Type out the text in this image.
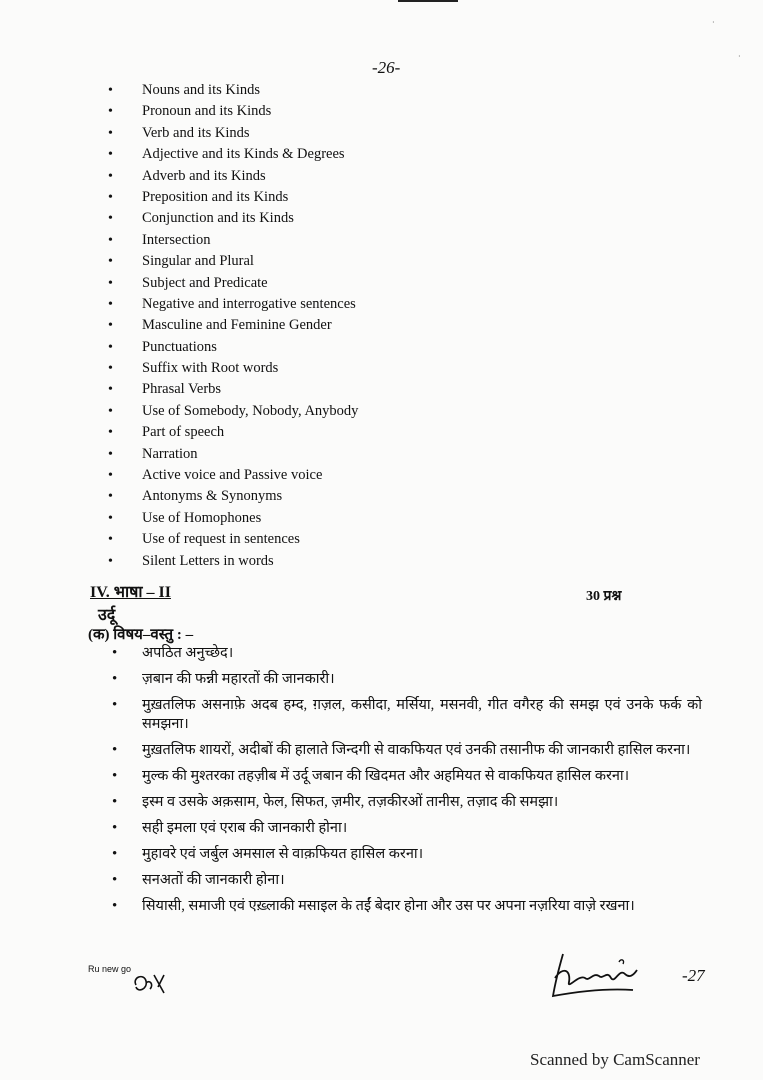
·
·
-26-
• Nouns and its Kinds
• Pronoun and its Kinds
• Verb and its Kinds
• Adjective and its Kinds & Degrees
• Adverb and its Kinds
• Preposition and its Kinds
• Conjunction and its Kinds
• Intersection
• Singular and Plural
• Subject and Predicate
• Negative and interrogative sentences
• Masculine and Feminine Gender
• Punctuations
• Suffix with Root words
• Phrasal Verbs
• Use of Somebody, Nobody, Anybody
• Part of speech
• Narration
• Active voice and Passive voice
• Antonyms & Synonyms
• Use of Homophones
• Use of request in sentences
• Silent Letters in words
IV. भाषा – II	30 प्रश्न
उर्दू
(क) विषय–वस्तु : –
• अपठित अनुच्छेद।
• ज़बान की फन्नी महारतों की जानकारी।
• मुख़तलिफ असनाफ़े अदब हम्द, ग़ज़ल, कसीदा, मर्सिया, मसनवी, गीत वगैरह की समझ एवं उनके फर्क को समझना।
• मुख़तलिफ शायरों, अदीबों की हालाते जिन्दगी से वाकफियत एवं उनकी तसानीफ की जानकारी हासिल करना।
• मुल्क की मुश्तरका तहज़ीब में उर्दू जबान की खिदमत और अहमियत से वाकफियत हासिल करना।
• इस्म व उसके अक़साम, फेल, सिफत, ज़मीर, तज़कीरओं तानीस, तज़ाद की समझा।
• सही इमला एवं एराब की जानकारी होना।
• मुहावरे एवं जर्बुल अमसाल से वाक़फियत हासिल करना।
• सनअतों की जानकारी होना।
• सियासी, समाजी एवं एख़्लाकी मसाइल के तईं बेदार होना और उस पर अपना नज़रिया वाज़े रखना।
Ru new go	-27
Scanned by CamScanner
